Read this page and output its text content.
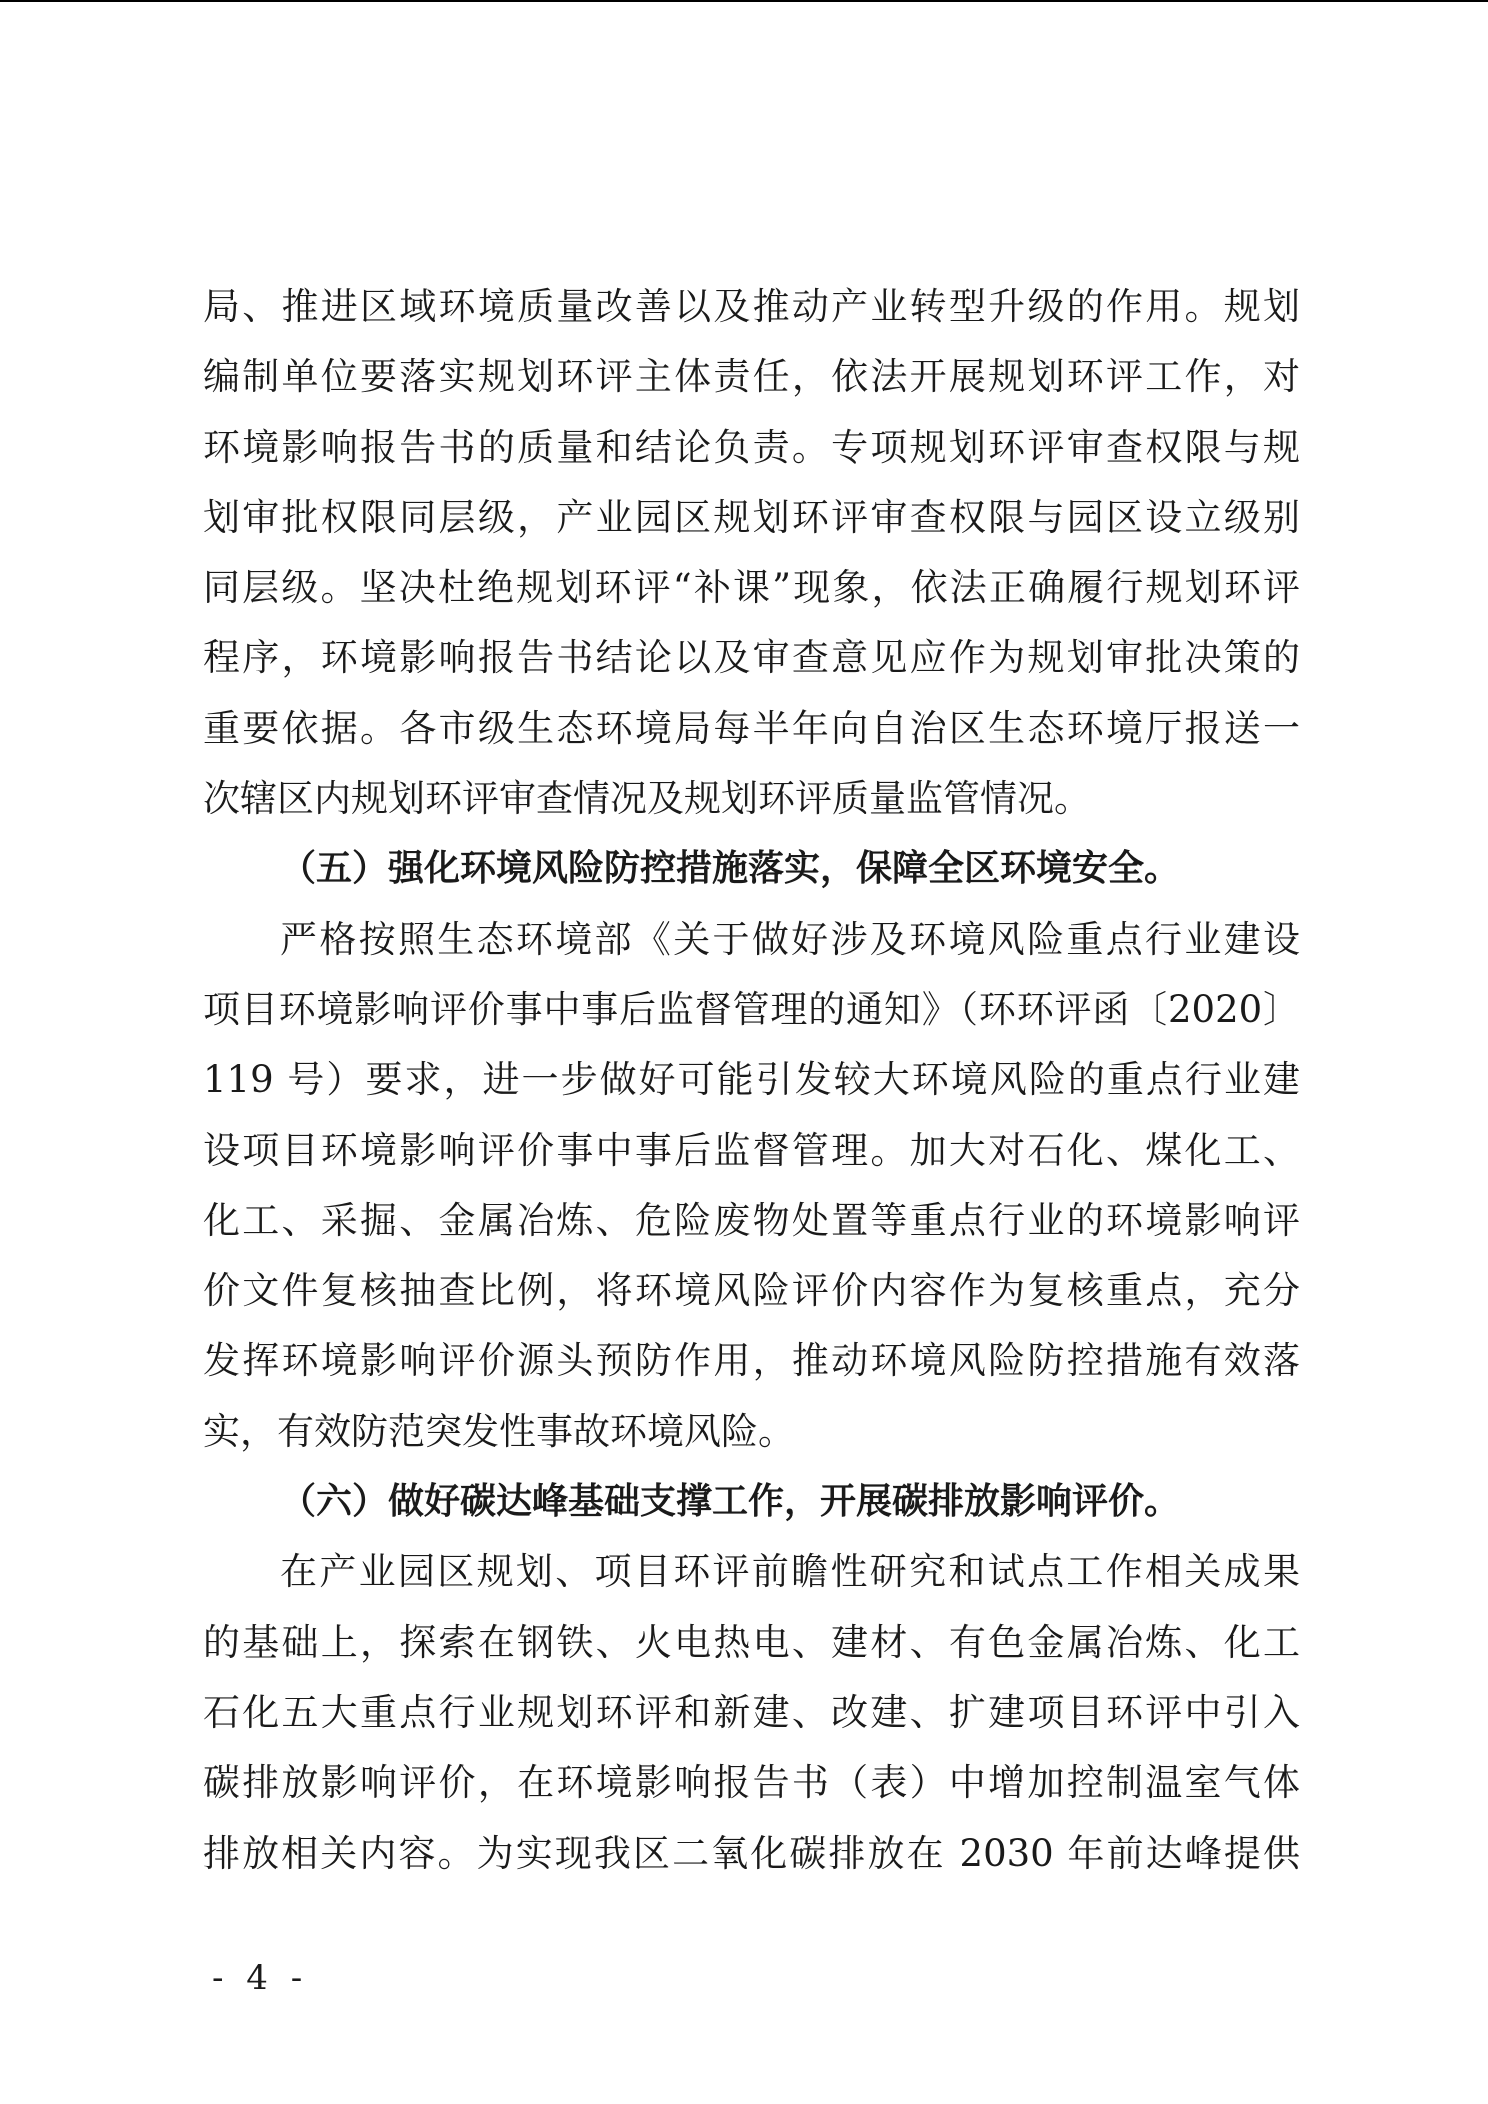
局、推进区域环境质量改善以及推动产业转型升级的作用。规划
编制单位要落实规划环评主体责任，依法开展规划环评工作，对
环境影响报告书的质量和结论负责。专项规划环评审查权限与规
划审批权限同层级，产业园区规划环评审查权限与园区设立级别
同层级。坚决杜绝规划环评“补课”现象，依法正确履行规划环评
程序，环境影响报告书结论以及审查意见应作为规划审批决策的
重要依据。各市级生态环境局每半年向自治区生态环境厅报送一
次辖区内规划环评审查情况及规划环评质量监管情况。
（五）强化环境风险防控措施落实，保障全区环境安全。
严格按照生态环境部《关于做好涉及环境风险重点行业建设
项目环境影响评价事中事后监督管理的通知》（环环评函〔2020〕
119 号）要求，进一步做好可能引发较大环境风险的重点行业建
设项目环境影响评价事中事后监督管理。加大对石化、煤化工、
化工、采掘、金属冶炼、危险废物处置等重点行业的环境影响评
价文件复核抽查比例，将环境风险评价内容作为复核重点，充分
发挥环境影响评价源头预防作用，推动环境风险防控措施有效落
实，有效防范突发性事故环境风险。
（六）做好碳达峰基础支撑工作，开展碳排放影响评价。
在产业园区规划、项目环评前瞻性研究和试点工作相关成果
的基础上，探索在钢铁、火电热电、建材、有色金属冶炼、化工
石化五大重点行业规划环评和新建、改建、扩建项目环评中引入
碳排放影响评价，在环境影响报告书（表）中增加控制温室气体
排放相关内容。为实现我区二氧化碳排放在 2030 年前达峰提供
- 4 -
